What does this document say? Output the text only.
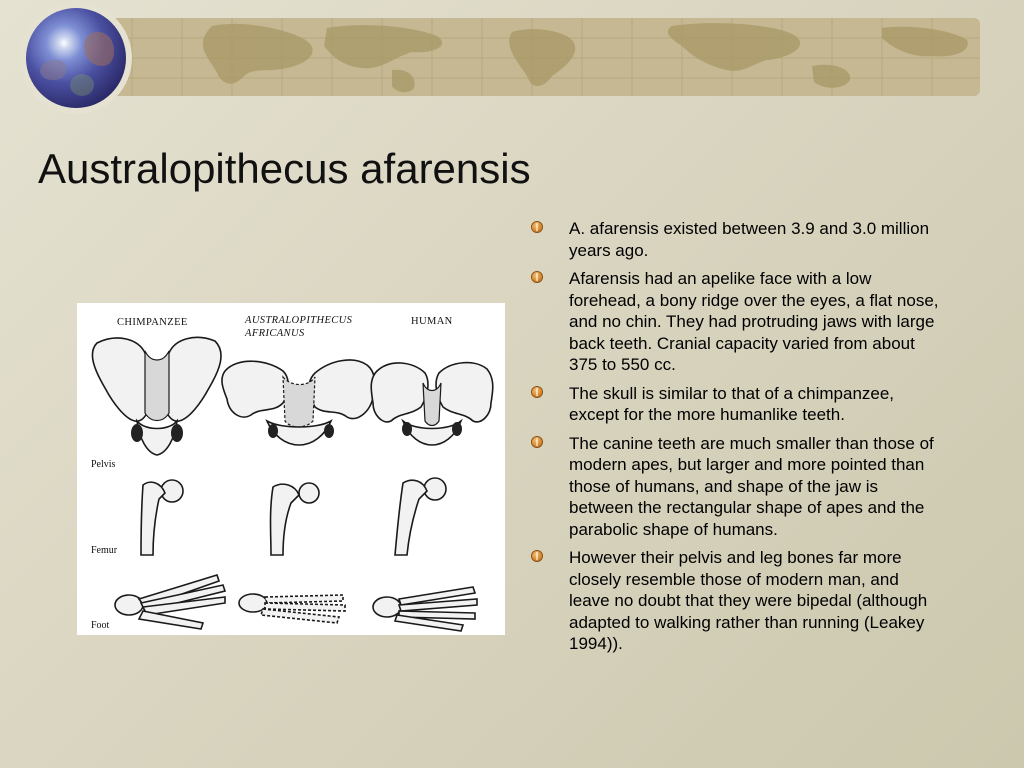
Australopithecus afarensis
CHIMPANZEE	AUSTRALOPITHECUS
AFRICANUS
HUMAN
Pelvis
Femur
Foot
A. afarensis existed between 3.9 and 3.0 million years ago.
Afarensis had an apelike face with a low forehead, a bony ridge over the eyes, a flat nose, and no chin. They had protruding jaws with large back teeth. Cranial capacity varied from about 375 to 550 cc.
The skull is similar to that of a chimpanzee, except for the more humanlike teeth.
The canine teeth are much smaller than those of modern apes, but larger and more pointed than those of humans, and shape of the jaw is between the rectangular shape of apes and the parabolic shape of humans.
However their pelvis and leg bones far more closely resemble those of modern man, and leave no doubt that they were bipedal (although adapted to walking rather than running (Leakey 1994)).
